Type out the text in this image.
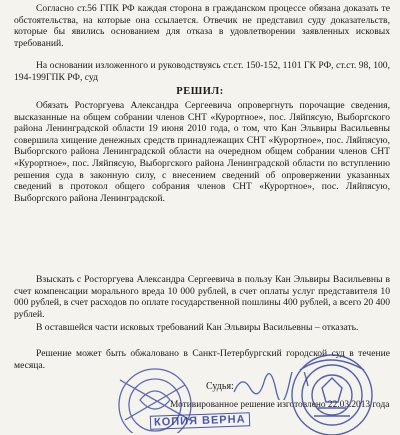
Согласно ст.56 ГПК РФ каждая сторона в гражданском процессе обязана доказать те обстоятельства, на которые она ссылается. Отвечик не представил суду доказательств, которые бы явились основанием для отказа в удовлетворении заявленных исковых требований.
На основании изложенного и руководствуясь ст.ст. 150-152, 1101 ГК РФ, ст.ст. 98, 100, 194-199ГПК РФ, суд
РЕШИЛ:
Обязать Росторгуева Александра Сергеевича опровергнуть порочащие сведения, высказанные на общем собрании членов СНТ «Курортное», пос. Ляйпясую, Выборгского района Ленинградской области 19 июня 2010 года, о том, что Кан Эльвиры Васильевны совершила хищение денежных средств принадлежащих СНТ «Курортное», пос. Ляйпясую, Выборгского района Ленинградской области на очередном общем собрании членов СНТ «Курортное», пос. Ляйпясую, Выборгского района Ленинградской области по вступлению решения суда в законную силу, с внесением сведений об опровержении указанных сведений в протокол общего собрания членов СНТ «Курортное», пос. Ляйпясую, Выборгского района Ленинградской.
Взыскать с Росторгуева Александра Сергеевича в пользу Кан Эльвиры Васильевны в счет компенсации морального вреда 10 000 рублей, в счет оплаты услуг представителя 10 000 рублей, в счет расходов по оплате государственной пошлины 400 рублей, а всего 20 400 рублей.
В оставшейся части исковых требований Кан Эльвиры Васильевны – отказать.
Решение может быть обжаловано в Санкт-Петербургский городской суд в течение месяца.
Судья:
Мотивированное решение изготовлено 22.03.2013 года
КОПИЯ ВЕРНА
